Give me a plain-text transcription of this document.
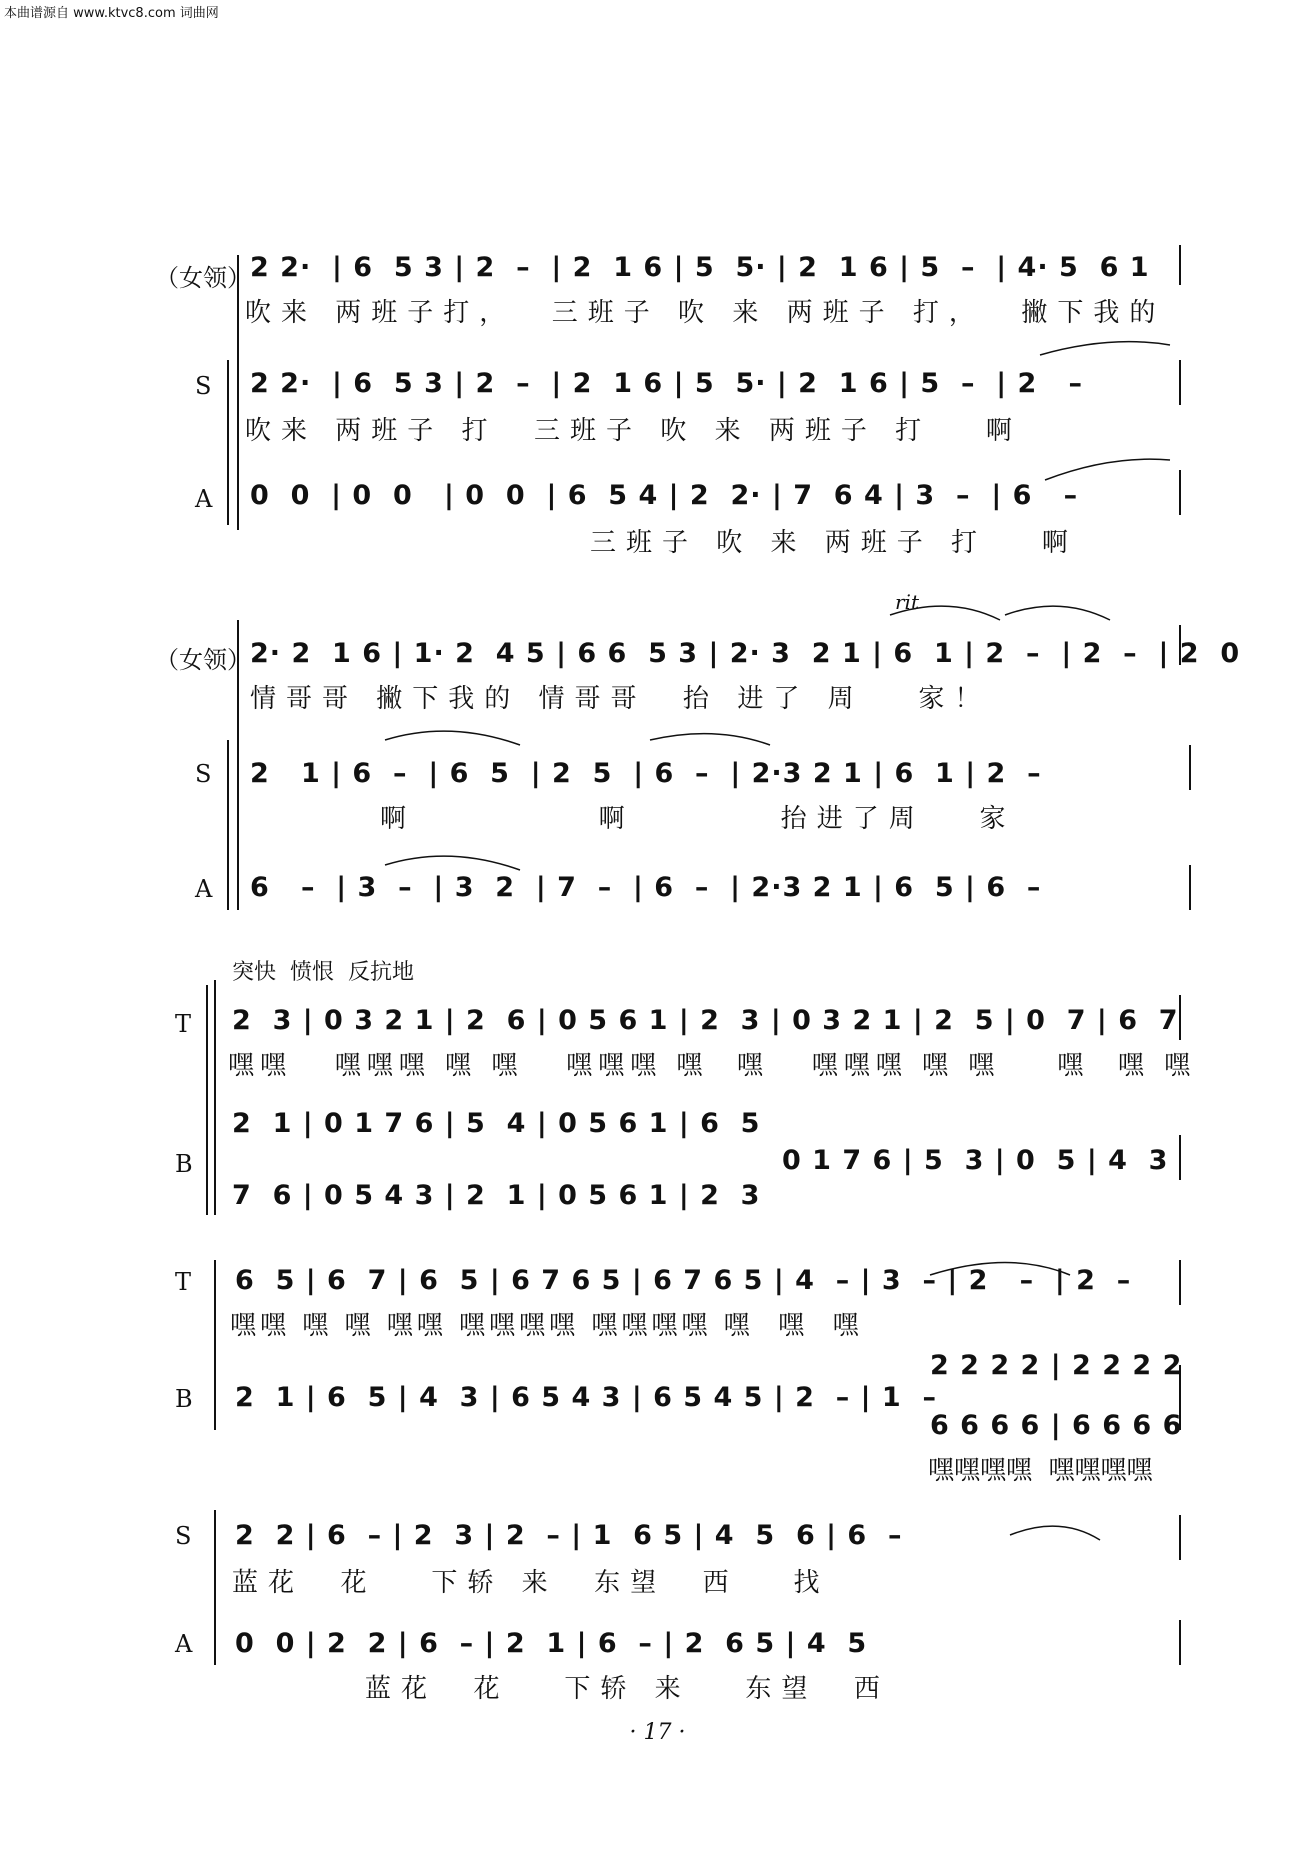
本曲谱源自 www.ktvc8.com 词曲网
（女领） 2 2·  | 6  5 3 | 2  –  | 2  1 6 | 5  5· | 2  1 6 | 5  –  | 4· 5  6 1
吹来 两班子打，  三班子 吹 来 两班子 打，  撇下我的
S 2 2·  | 6  5 3 | 2  –  | 2  1 6 | 5  5· | 2  1 6 | 5  –  | 2   –
吹来 两班子 打  三班子 吹 来 两班子 打   啊
A 0  0  | 0  0   | 0  0  | 6  5 4 | 2  2· | 7  6 4 | 3  –  | 6   –
三班子 吹 来 两班子 打   啊
（女领）
rit
2· 2  1 6 | 1· 2  4 5 | 6 6  5 3 | 2· 3  2 1 | 6  1 | 2  –  | 2  –  | 2  0
情哥哥 撇下我的 情哥哥  抬 进了 周   家！
S 2   1 | 6  –  | 6  5  | 2  5  | 6  –  | 2·3 2 1 | 6  1 | 2  –
啊          啊        抬进了周   家
A 6   –  | 3  –  | 3  2  | 7  –  | 6  –  | 2·3 2 1 | 6  5 | 6  –
突快  愤恨  反抗地
T 2  3 | 0 3 2 1 | 2  6 | 0 5 6 1 | 2  3 | 0 3 2 1 | 2  5 | 0  7 | 6  7
嘿嘿   嘿嘿嘿 嘿 嘿   嘿嘿嘿 嘿  嘿   嘿嘿嘿 嘿 嘿    嘿  嘿 嘿
B
2  1 | 0 1 7 6 | 5  4 | 0 5 6 1 | 6  5
7  6 | 0 5 4 3 | 2  1 | 0 5 6 1 | 2  3
0 1 7 6 | 5  3 | 0  5 | 4  3
T 6  5 | 6  7 | 6  5 | 6 7 6 5 | 6 7 6 5 | 4  – | 3  – | 2   –  | 2  –
嘿嘿 嘿 嘿 嘿嘿 嘿嘿嘿嘿 嘿嘿嘿嘿 嘿  嘿  嘿
B 2  1 | 6  5 | 4  3 | 6 5 4 3 | 6 5 4 5 | 2  – | 1  –
2 2 2 2 | 2 2 2 2
6 6 6 6 | 6 6 6 6
嘿嘿嘿嘿  嘿嘿嘿嘿
S 2  2 | 6  – | 2  3 | 2  – | 1  6 5 | 4  5  6 | 6  –
蓝花  花   下轿 来  东望  西   找
A 0  0 | 2  2 | 6  – | 2  1 | 6  – | 2  6 5 | 4  5
蓝花  花   下轿 来   东望  西
· 17 ·
